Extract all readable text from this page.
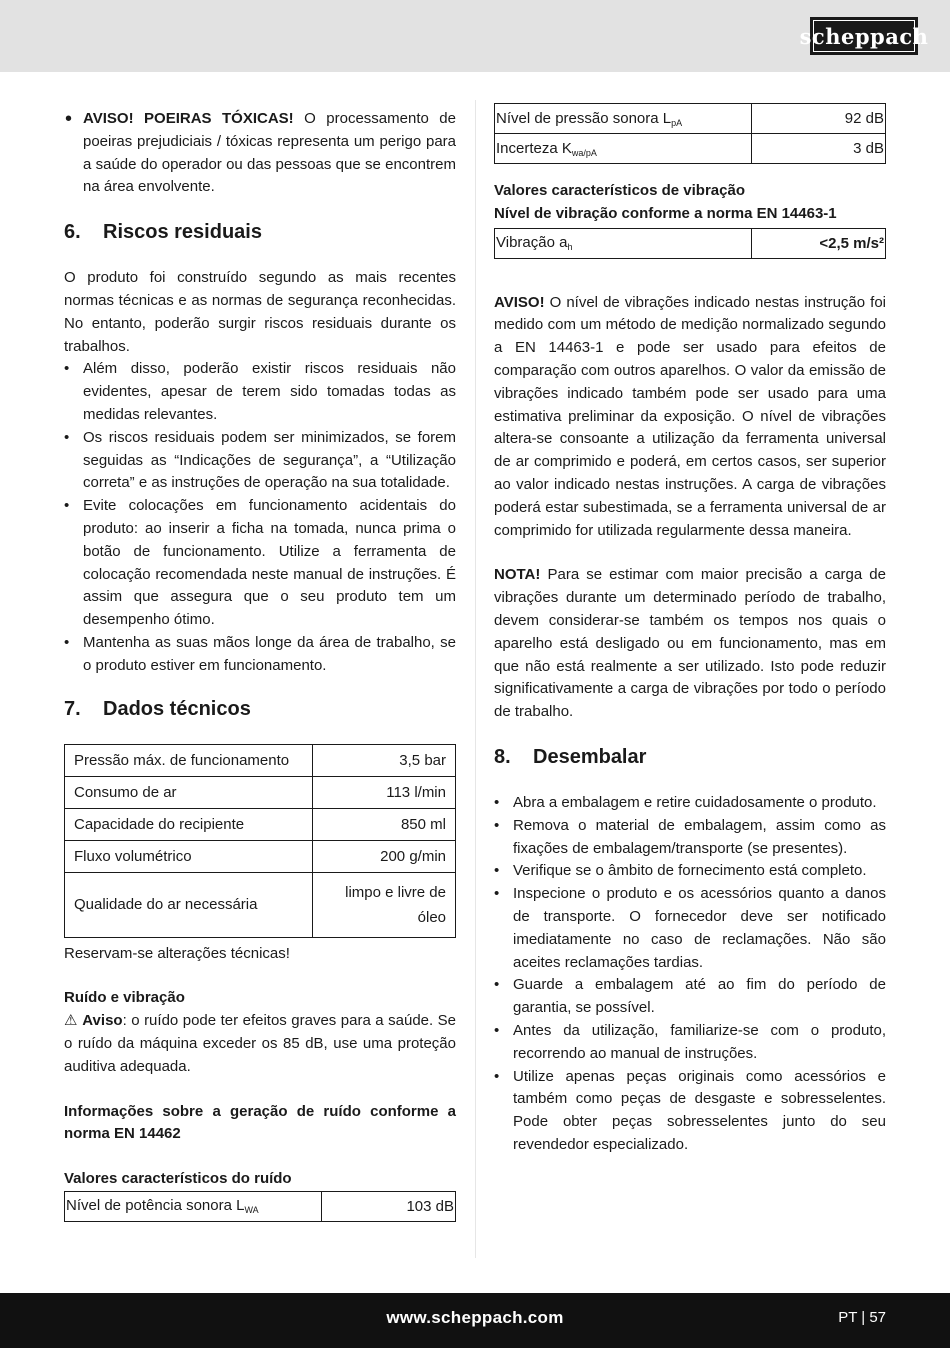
scheppach
• AVISO! POEIRAS TÓXICAS! O processamento de poeiras prejudiciais / tóxicas representa um perigo para a saúde do operador ou das pessoas que se encontrem na área envolvente.
6.	Riscos residuais

O produto foi construído segundo as mais recentes normas técnicas e as normas de segurança reconhecidas. No entanto, poderão surgir riscos residuais durante os trabalhos.

• Além disso, poderão existir riscos residuais não evidentes, apesar de terem sido tomadas todas as medidas relevantes.
• Os riscos residuais podem ser minimizados, se forem seguidas as “Indicações de segurança”, a “Utilização correta” e as instruções de operação na sua totalidade.
• Evite colocações em funcionamento acidentais do produto: ao inserir a ficha na tomada, nunca prima o botão de funcionamento. Utilize a ferramenta de colocação recomendada neste manual de instruções. É assim que assegura que o seu produto tem um desempenho ótimo.
• Mantenha as suas mãos longe da área de trabalho, se o produto estiver em funcionamento.
7.	Dados técnicos
Pressão máx. de funcionamento	3,5 bar
Consumo de ar	113 l/min
Capacidade do recipiente	850 ml
Fluxo volumétrico	200 g/min
Qualidade do ar necessária	limpo e livre de óleo

Reservam-se alterações técnicas!

Ruído e vibração

⚠ Aviso: o ruído pode ter efeitos graves para a saúde. Se o ruído da máquina exceder os 85 dB, use uma proteção auditiva adequada.

Informações sobre a geração de ruído conforme a norma EN 14462

Valores característicos do ruído

Nível de potência sonora $L_{WA}$	103 dB
Nível de pressão sonora $L_{pA}$	92 dB
Incerteza $K_{wa/pA}$	3 dB

Valores característicos de vibração

Nível de vibração conforme a norma EN 14463-1

Vibração $a_h$	<2,5 m/s²

AVISO! O nível de vibrações indicado nestas instrução foi medido com um método de medição normalizado segundo a EN 14463-1 e pode ser usado para efeitos de comparação com outros aparelhos. O valor da emissão de vibrações indicado também pode ser usado para uma estimativa preliminar da exposição. O nível de vibrações altera-se consoante a utilização da ferramenta universal de ar comprimido e poderá, em certos casos, ser superior ao valor indicado nestas instruções. A carga de vibrações poderá estar subestimada, se a ferramenta universal de ar comprimido for utilizada regularmente dessa maneira.

NOTA! Para se estimar com maior precisão a carga de vibrações durante um determinado período de trabalho, devem considerar-se também os tempos nos quais o aparelho está desligado ou em funcionamento, mas em que não está realmente a ser utilizado. Isto pode reduzir significativamente a carga de vibrações por todo o período de trabalho.

8.	Desembalar
• Abra a embalagem e retire cuidadosamente o produto.
• Remova o material de embalagem, assim como as fixações de embalagem/transporte (se presentes).
• Verifique se o âmbito de fornecimento está completo.
• Inspecione o produto e os acessórios quanto a danos de transporte. O fornecedor deve ser notificado imediatamente no caso de reclamações. Não são aceites reclamações tardias.
• Guarde a embalagem até ao fim do período de garantia, se possível.
• Antes da utilização, familiarize-se com o produto, recorrendo ao manual de instruções.
• Utilize apenas peças originais como acessórios e também como peças de desgaste e sobresselentes. Pode obter peças sobresselentes junto do seu revendedor especializado.
www.scheppach.com	PT | 57
